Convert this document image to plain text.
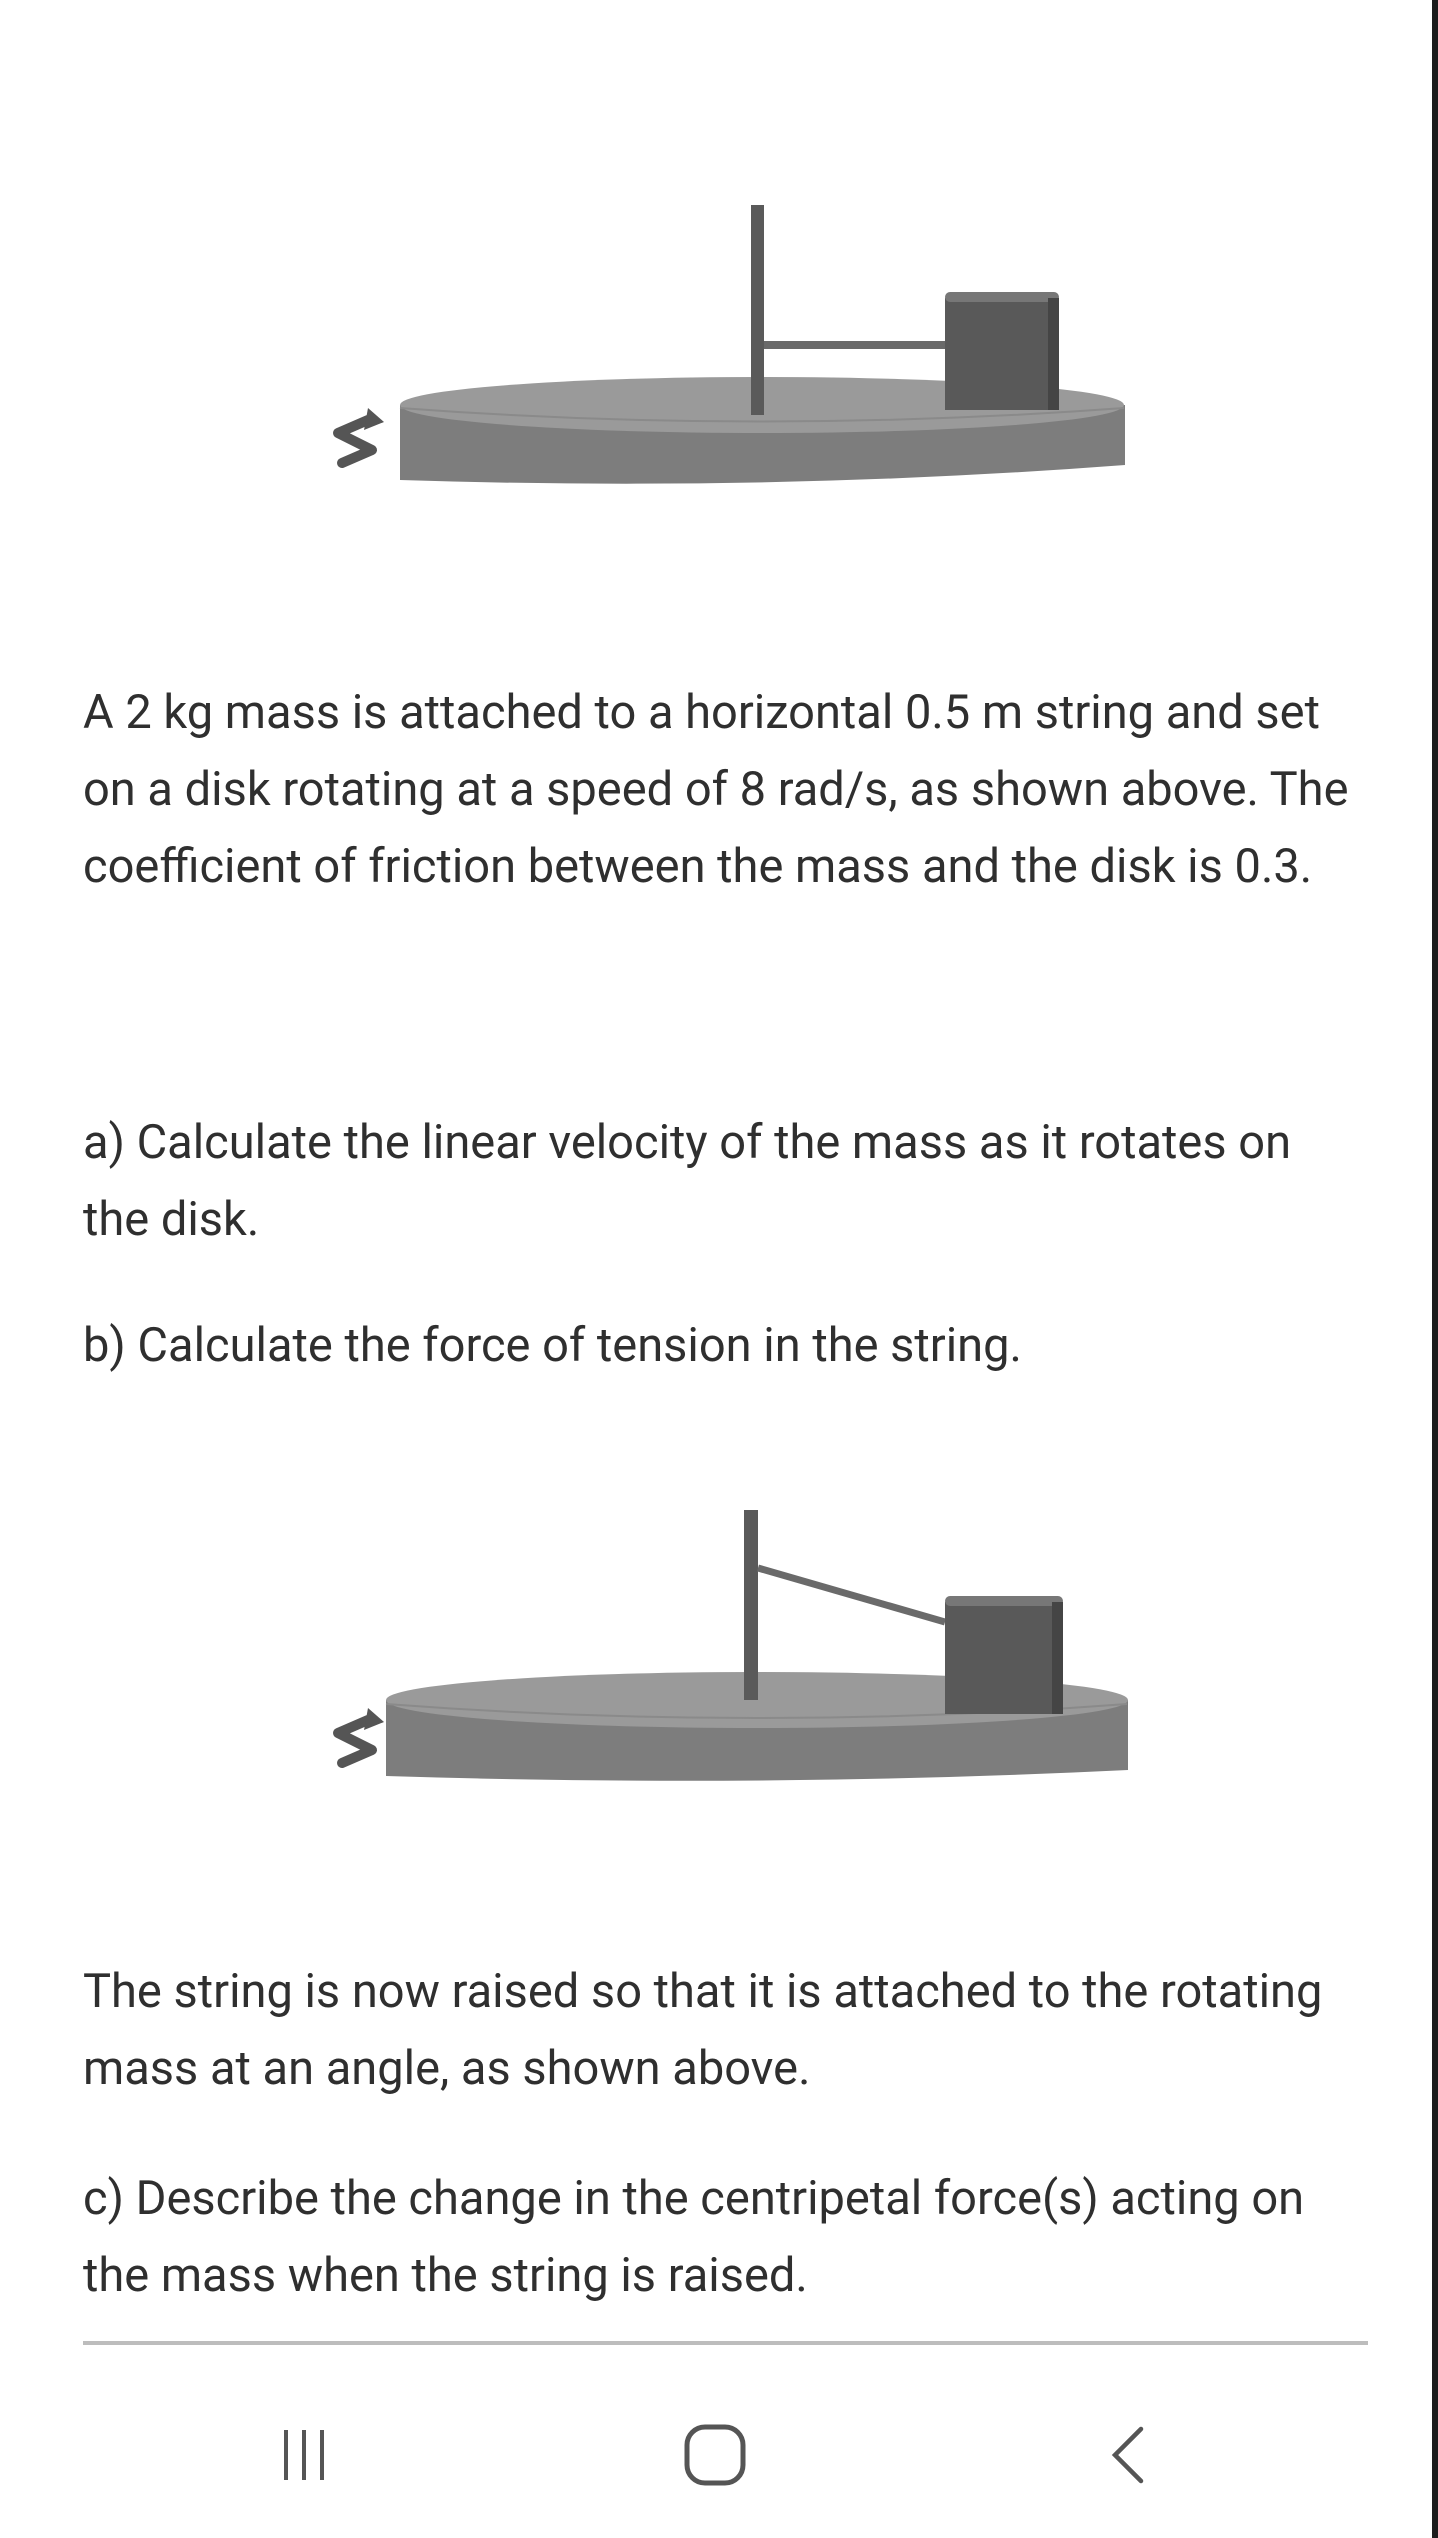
A 2 kg mass is attached to a horizontal 0.5 m string and set on a disk rotating at a speed of 8 rad/s, as shown above. The coefficient of friction between the mass and the disk is 0.3.

a) Calculate the linear velocity of the mass as it rotates on the disk.

b) Calculate the force of tension in the string.

The string is now raised so that it is attached to the rotating mass at an angle, as shown above.

c) Describe the change in the centripetal force(s) acting on the mass when the string is raised.
